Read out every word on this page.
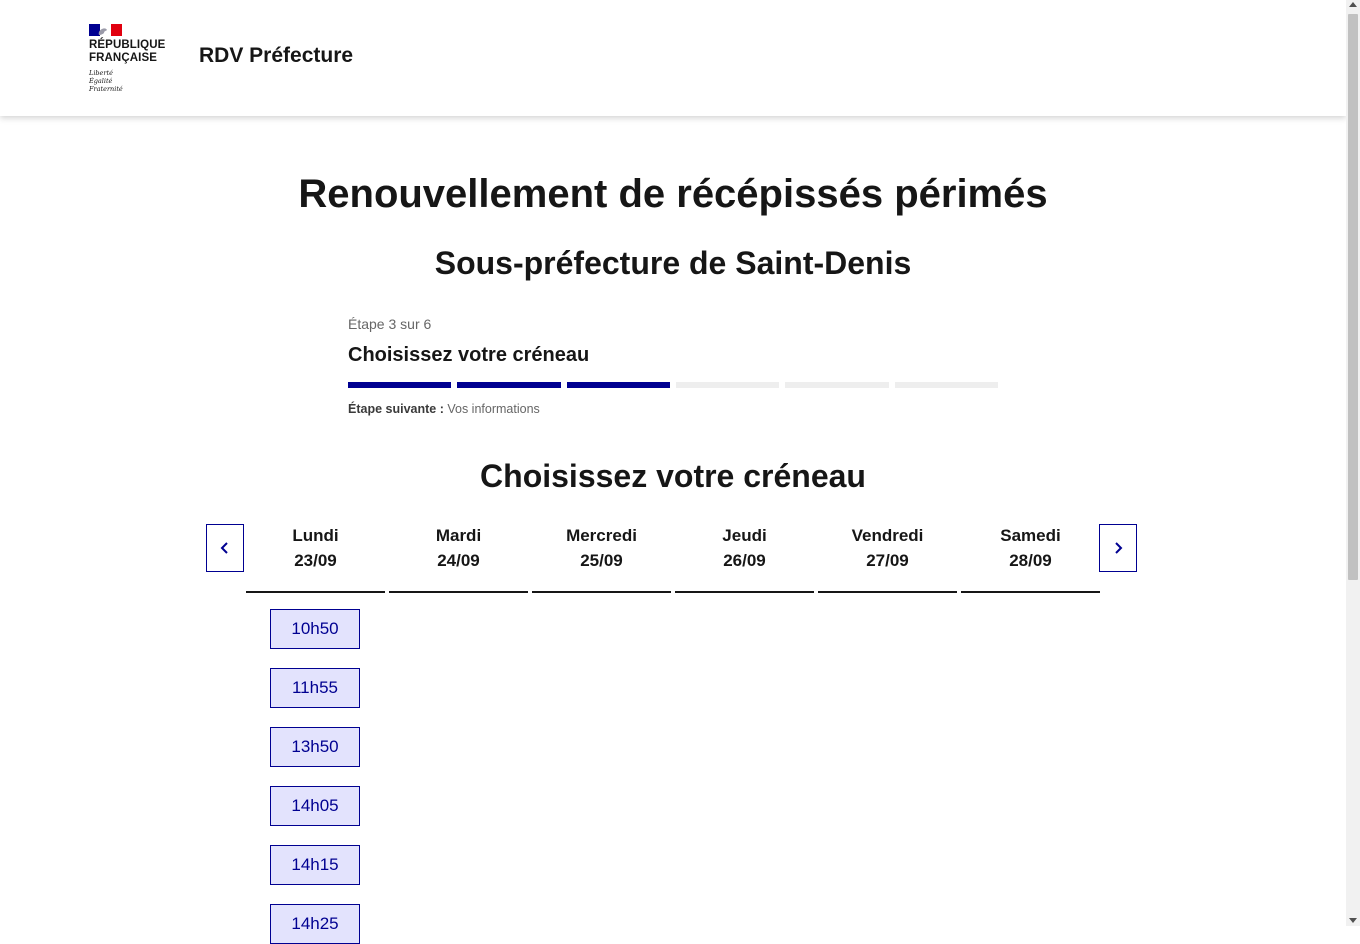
RÉPUBLIQUE
FRANÇAISE
Liberté
Égalité
Fraternité
RDV Préfecture
Renouvellement de récépissés périmés
Sous-préfecture de Saint-Denis
Étape 3 sur 6
Choisissez votre créneau
Étape suivante : Vos informations
Choisissez votre créneau
Lundi
23/09
Mardi
24/09
Mercredi
25/09
Jeudi
26/09
Vendredi
27/09
Samedi
28/09
10h50
11h55
13h50
14h05
14h15
14h25
